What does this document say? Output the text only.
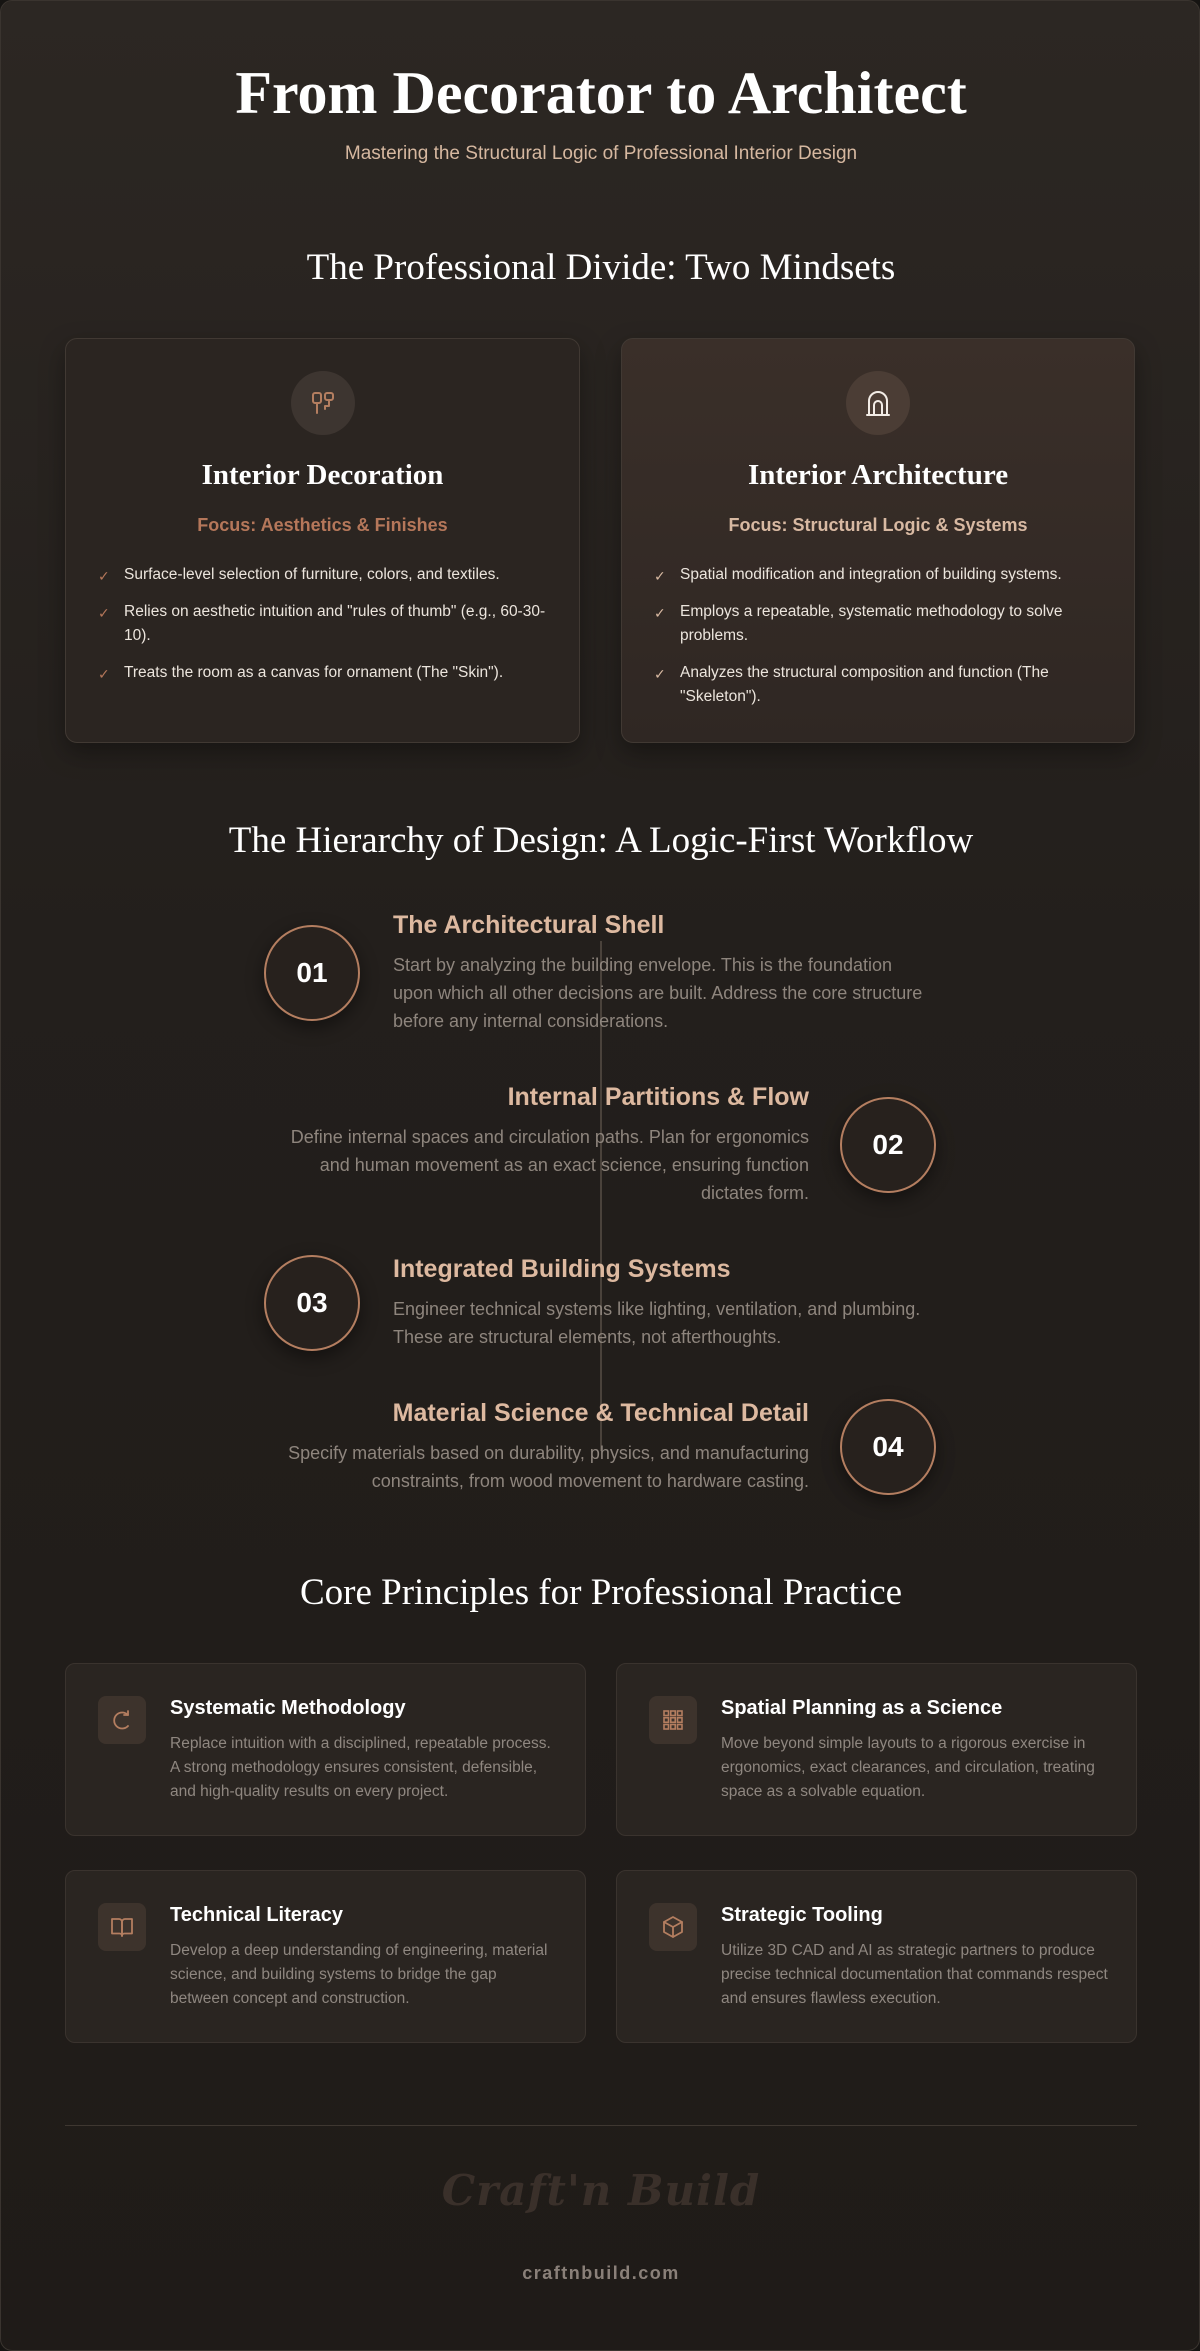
From Decorator to Architect
Mastering the Structural Logic of Professional Interior Design
The Professional Divide: Two Mindsets
Interior Decoration
Focus: Aesthetics & Finishes
✓ Surface-level selection of furniture, colors, and textiles.
✓ Relies on aesthetic intuition and "rules of thumb" (e.g., 60-30-10).
✓ Treats the room as a canvas for ornament (The "Skin").
Interior Architecture
Focus: Structural Logic & Systems
✓ Spatial modification and integration of building systems.
✓ Employs a repeatable, systematic methodology to solve problems.
✓ Analyzes the structural composition and function (The "Skeleton").
The Hierarchy of Design: A Logic-First Workflow
01
The Architectural Shell
Start by analyzing the building envelope. This is the foundation upon which all other decisions are built. Address the core structure before any internal considerations.
02
Internal Partitions & Flow
Define internal spaces and circulation paths. Plan for ergonomics and human movement as an exact science, ensuring function dictates form.
03
Integrated Building Systems
Engineer technical systems like lighting, ventilation, and plumbing. These are structural elements, not afterthoughts.
04
Material Science & Technical Detail
Specify materials based on durability, physics, and manufacturing constraints, from wood movement to hardware casting.
Core Principles for Professional Practice
Systematic Methodology
Replace intuition with a disciplined, repeatable process. A strong methodology ensures consistent, defensible, and high-quality results on every project.
Spatial Planning as a Science
Move beyond simple layouts to a rigorous exercise in ergonomics, exact clearances, and circulation, treating space as a solvable equation.
Technical Literacy
Develop a deep understanding of engineering, material science, and building systems to bridge the gap between concept and construction.
Strategic Tooling
Utilize 3D CAD and AI as strategic partners to produce precise technical documentation that commands respect and ensures flawless execution.
Craft'n Build
craftnbuild.com
